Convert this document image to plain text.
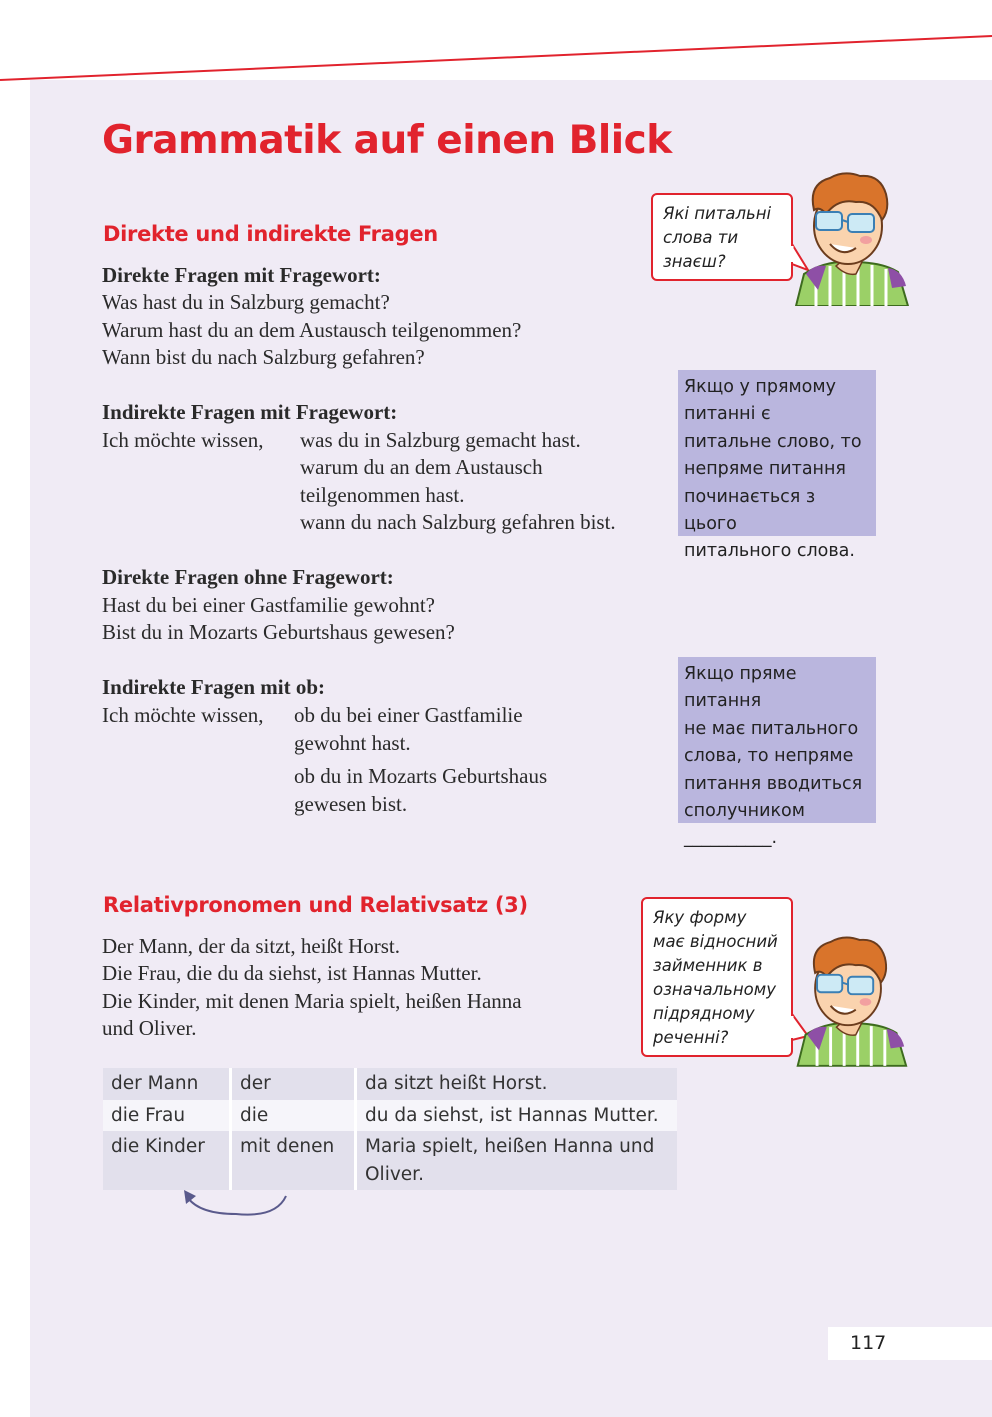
Grammatik auf einen Blick
Direkte und indirekte Fragen
Direkte Fragen mit Fragewort:
Was hast du in Salzburg gemacht?
Warum hast du an dem Austausch teilgenommen?
Wann bist du nach Salzburg gefahren?
Indirekte Fragen mit Fragewort:
Ich möchte wissen, was du in Salzburg gemacht hast.
warum du an dem Austausch
teilgenommen hast.
wann du nach Salzburg gefahren bist.
Direkte Fragen ohne Fragewort:
Hast du bei einer Gastfamilie gewohnt?
Bist du in Mozarts Geburtshaus gewesen?
Indirekte Fragen mit ob:
Ich möchte wissen, ob du bei einer Gastfamilie
gewohnt hast.
ob du in Mozarts Geburtshaus
gewesen bist.
Які питальні
слова ти
знаєш?
Якщо у прямому
питанні є
питальне слово, то
непряме питання
починається з цього
питального слова.
Якщо пряме питання
не має питального
слова, то непряме
питання вводиться
сполучником
__________.
Relativpronomen und Relativsatz (3)
Der Mann, der da sitzt, heißt Horst.
Die Frau, die du da siehst, ist Hannas Mutter.
Die Kinder, mit denen Maria spielt, heißen Hanna
und Oliver.
Яку форму
має відносний
займенник в
означальному
підрядному
реченні?
der Mann	der	da sitzt heißt Horst.
die Frau	die	du da siehst, ist Hannas Mutter.
die Kinder	mit denen	Maria spielt, heißen Hanna und Oliver.
117
